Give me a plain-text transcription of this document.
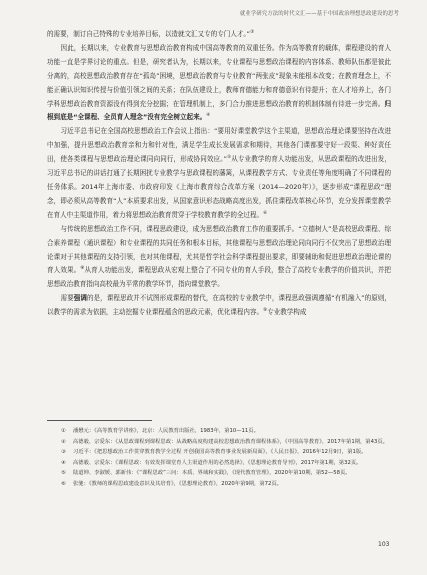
就业学研究方法的时代文汇——基于中国政治理想思政建设的思考

的需要，制订自己特殊的专业培养目标，以造就文汇又专的专门人才。”③

因此，长期以来，专业教育与思想政治教育构成中国高等教育的双重任务。作为高等教育的载体，课程建设的育人功能一直是学界讨论的重点。但是，研究者认为，长期以来，专业课程与思想政治课程的内容体系、教师队伍都是彼此分离的，高校思想政治教育存在“孤岛”困境，思想政治教育与专业教育“两张皮”现象未能根本改变；在教育理念上，不能正确认识知识传授与价值引领之间的关系；在队伍建设上，教师育德能力和育德意识有待提升；在人才培养上，各门学科思想政治教育资源没有得到充分挖掘；在管理机制上，多门合力推进思想政治教育的机制体制有待进一步完善。归根到底是“全课程、全员育人理念”没有完全树立起来。④

习近平总书记在全国高校思想政治工作会议上指出：“要用好课堂教学这个主渠道，思想政治理论课要坚持在改进中加强，提升思想政治教育亲和力和针对性，满足学生成长发展需求和期待，其他各门课都要守好一段渠、种好责任田，使各类课程与思想政治理论课同向同行，形成协同效应。”⑤从专业教学的育人功能出发，从思政课程的改进出发，习近平总书记的讲话打通了长期困扰专业教学与思政课程的藩篱，从课程教学方式、专业责任等角度明确了不同课程的任务体系。2014年上海市委、市政府印发《上海市教育综合改革方案（2014—2020年）》，逐步形成“课程思政”理念，即必须从高等教育“人”本质要求出发，从国家意识形态战略高度出发，抓住课程改革核心环节，充分发挥课堂教学在育人中主渠道作用，着力将思想政治教育贯穿于学校教育教学的全过程。⑥

与传统的思想政治工作不同，课程思政建设，成为思想政治教育工作的重要抓手。“立德树人”是高校思政课程、综合素养课程（通识课程）和专业课程的共同任务和根本目标，其他课程与思想政治理论同向同行不仅突出了思想政治理论课对于其他课程的支持引领，也对其他课程，尤其是哲学社会科学课程提出要求，即要辅助和促进思想政治理论课的育人效果。⑧从育人功能出发，课程思政从宏观上整合了不同专业的育人手段，整合了高校专业教学的价值共识，并把思想政治教育指向高校最为平常的教学环节，指向课堂教学。

需要强调的是，课程思政并不试图形成课程的替代，在高校的专业教学中，课程思政强调遵循“有机融入”的原则，以教学的需求为依据，主动挖掘专业课程蕴含的思政元素，优化课程内容。⑨专业教学构成

①	潘懋元：《高等教育学讲座》，北京：人民教育出版社，1983年，第10—11页。
②	高德毅、宗爱东：《从思政课程到课程思政：从战略高度构建高校思想政治教育课程体系》，《中国高等教育》，2017年第1期，第43页。
③	习近平：《把思想政治工作贯穿教育教学全过程 开创我国高等教育事业发展新局面》，《人民日报》，2016年12月9日，第1版。
④	高德毅、宗爱东：《课程思政：有效发挥课堂育人主渠道作用的必然选择》，《思想理论教育导刊》，2017年第1期，第32页。
⑤	陆道坤、李淑媛、郭新伟：《“课程思政”三问：本质、界域和实践》，《现代教育管理》，2020年第10期，第52—58页。
⑥	张驰：《教师的课程思政建设意识及其培育》，《思想理论教育》，2020年第9期，第72页。
103
